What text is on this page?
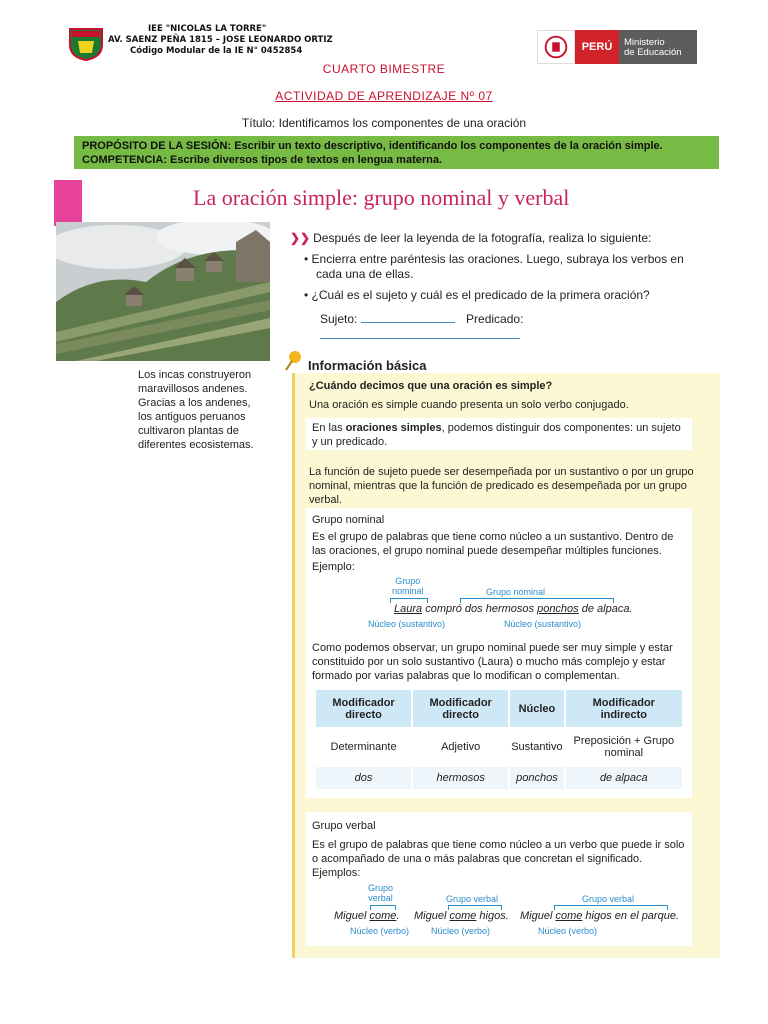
IEE "NICOLAS LA TORRE"
AV. SAENZ PEÑA 1815 – JOSE LEONARDO ORTIZ
Código Modular de la IE N° 0452854	PERÚ	Ministerio
de Educación
CUARTO BIMESTRE
ACTIVIDAD DE APRENDIZAJE Nº 07
Título: Identificamos los componentes de una oración
PROPÓSITO DE LA SESIÓN: Escribir un texto descriptivo, identificando los componentes de la oración simple.
COMPETENCIA: Escribe diversos tipos de textos en lengua materna.
La oración simple: grupo nominal y verbal
Los incas construyeron maravillosos andenes. Gracias a los andenes, los antiguos peruanos cultivaron plantas de diferentes ecosistemas.
❯❯ Después de leer la leyenda de la fotografía, realiza lo siguiente:
• Encierra entre paréntesis las oraciones. Luego, subraya los verbos en cada una de ellas.
• ¿Cuál es el sujeto y cuál es el predicado de la primera oración?
Sujeto:	Predicado:
Información básica
¿Cuándo decimos que una oración es simple?
Una oración es simple cuando presenta un solo verbo conjugado.
En las oraciones simples, podemos distinguir dos componentes: un sujeto y un predicado.
La función de sujeto puede ser desempeñada por un sustantivo o por un grupo nominal, mientras que la función de predicado es desempeñada por un grupo verbal.
Grupo nominal
Es el grupo de palabras que tiene como núcleo a un sustantivo. Dentro de las oraciones, el grupo nominal puede desempeñar múltiples funciones.
Ejemplo:
Grupo
nominal	Grupo nominal
Laura compró dos hermosos ponchos de alpaca.
Núcleo (sustantivo)	Núcleo (sustantivo)
Como podemos observar, un grupo nominal puede ser muy simple y estar constituido por un solo sustantivo (Laura) o mucho más complejo y estar formado por varias palabras que lo modifican o complementan.
Modificador directo	Modificador directo	Núcleo	Modificador indirecto
Determinante	Adjetivo	Sustantivo	Preposición + Grupo nominal
dos	hermosos	ponchos	de alpaca
Grupo verbal
Es el grupo de palabras que tiene como núcleo a un verbo que puede ir solo o acompañado de una o más palabras que concretan el significado.
Ejemplos:
Grupo
verbal	Grupo verbal	Grupo verbal
Miguel come. Miguel come higos. Miguel come higos en el parque.
Núcleo (verbo) Núcleo (verbo)	Núcleo (verbo)
